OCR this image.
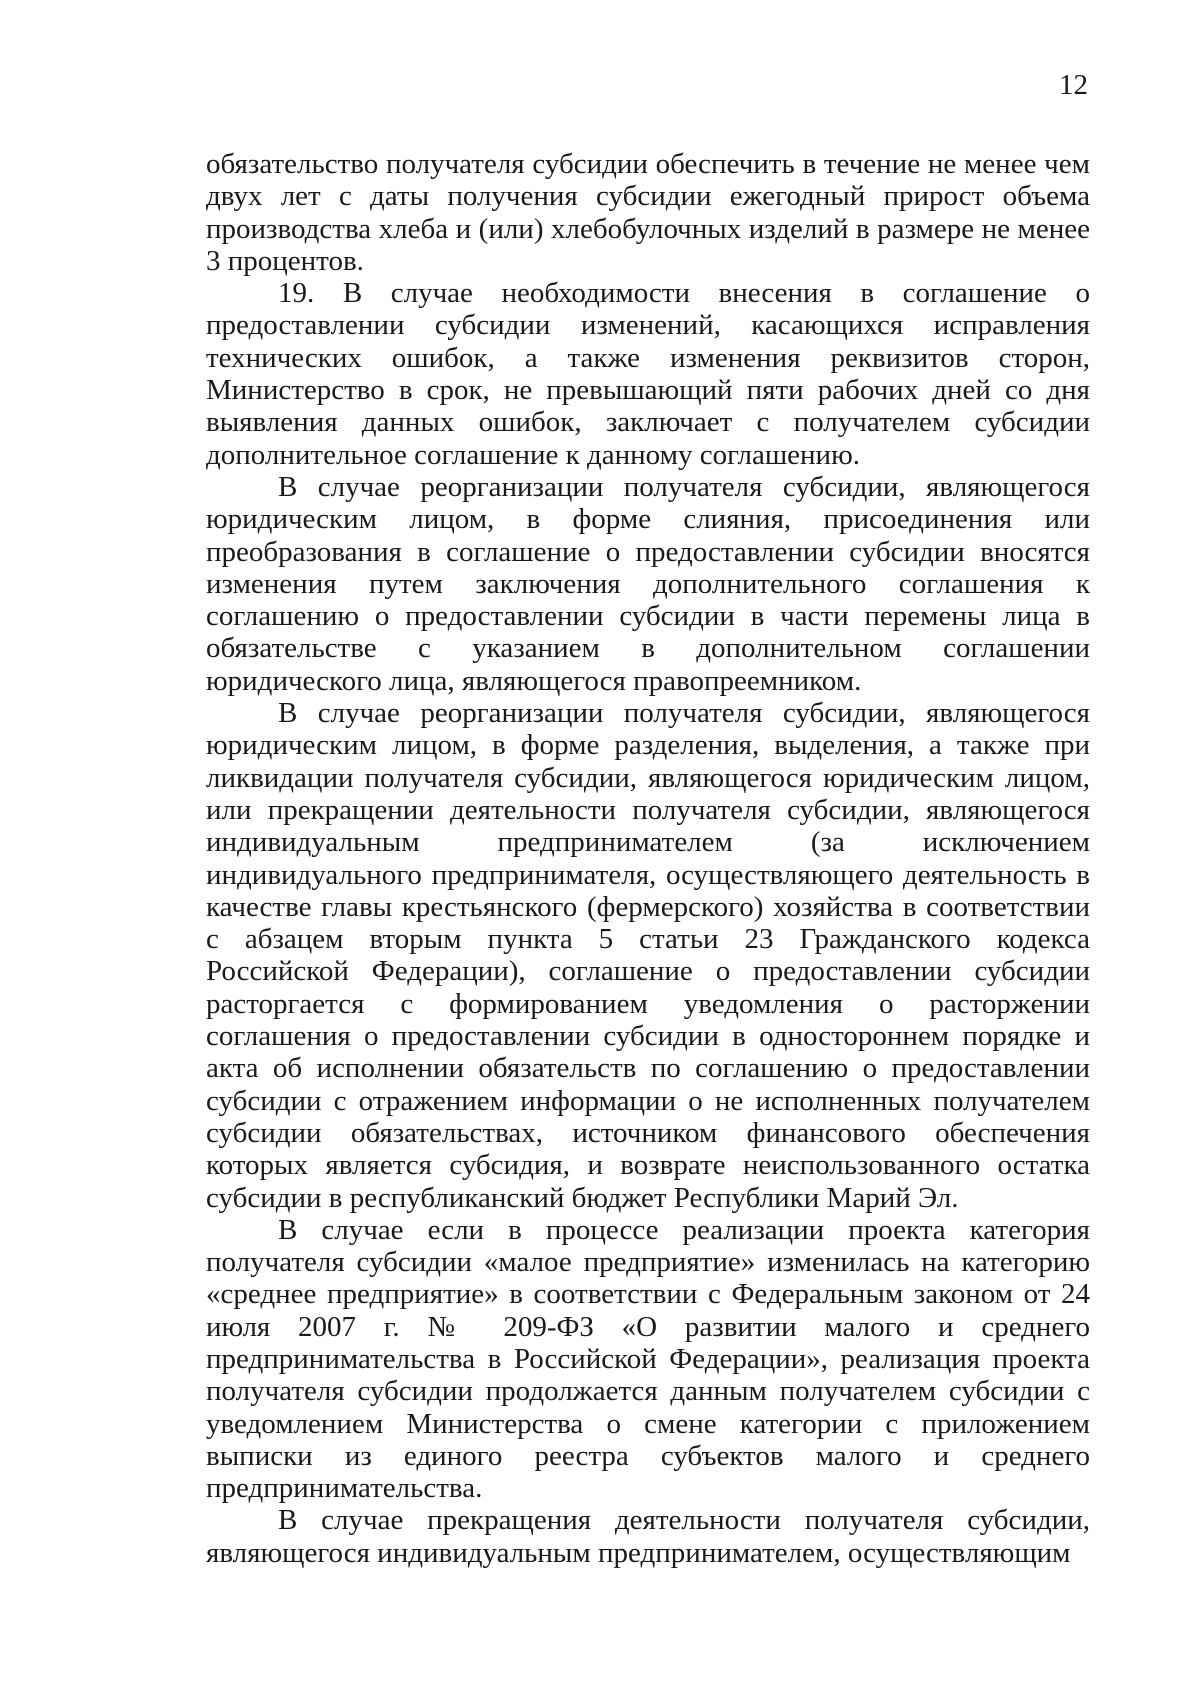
12

обязательство получателя субсидии обеспечить в течение не менее чем двух лет с даты получения субсидии ежегодный прирост объема производства хлеба и (или) хлебобулочных изделий в размере не менее 3 процентов.

19. В случае необходимости внесения в соглашение о предоставлении субсидии изменений, касающихся исправления технических ошибок, а также изменения реквизитов сторон, Министерство в срок, не превышающий пяти рабочих дней со дня выявления данных ошибок, заключает с получателем субсидии дополнительное соглашение к данному соглашению.

В случае реорганизации получателя субсидии, являющегося юридическим лицом, в форме слияния, присоединения или преобразования в соглашение о предоставлении субсидии вносятся изменения путем заключения дополнительного соглашения к соглашению о предоставлении субсидии в части перемены лица в обязательстве с указанием в дополнительном соглашении юридического лица, являющегося правопреемником.

В случае реорганизации получателя субсидии, являющегося юридическим лицом, в форме разделения, выделения, а также при ликвидации получателя субсидии, являющегося юридическим лицом, или прекращении деятельности получателя субсидии, являющегося индивидуальным предпринимателем (за исключением индивидуального предпринимателя, осуществляющего деятельность в качестве главы крестьянского (фермерского) хозяйства в соответствии с абзацем вторым пункта 5 статьи 23 Гражданского кодекса Российской Федерации), соглашение о предоставлении субсидии расторгается с формированием уведомления о расторжении соглашения о предоставлении субсидии в одностороннем порядке и акта об исполнении обязательств по соглашению о предоставлении субсидии с отражением информации о не исполненных получателем субсидии обязательствах, источником финансового обеспечения которых является субсидия, и возврате неиспользованного остатка субсидии в республиканский бюджет Республики Марий Эл.

В случае если в процессе реализации проекта категория получателя субсидии «малое предприятие» изменилась на категорию «среднее предприятие» в соответствии с Федеральным законом от 24 июля 2007 г. № 209-ФЗ «О развитии малого и среднего предпринимательства в Российской Федерации», реализация проекта получателя субсидии продолжается данным получателем субсидии с уведомлением Министерства о смене категории с приложением выписки из единого реестра субъектов малого и среднего предпринимательства.

В случае прекращения деятельности получателя субсидии, являющегося индивидуальным предпринимателем, осуществляющим
